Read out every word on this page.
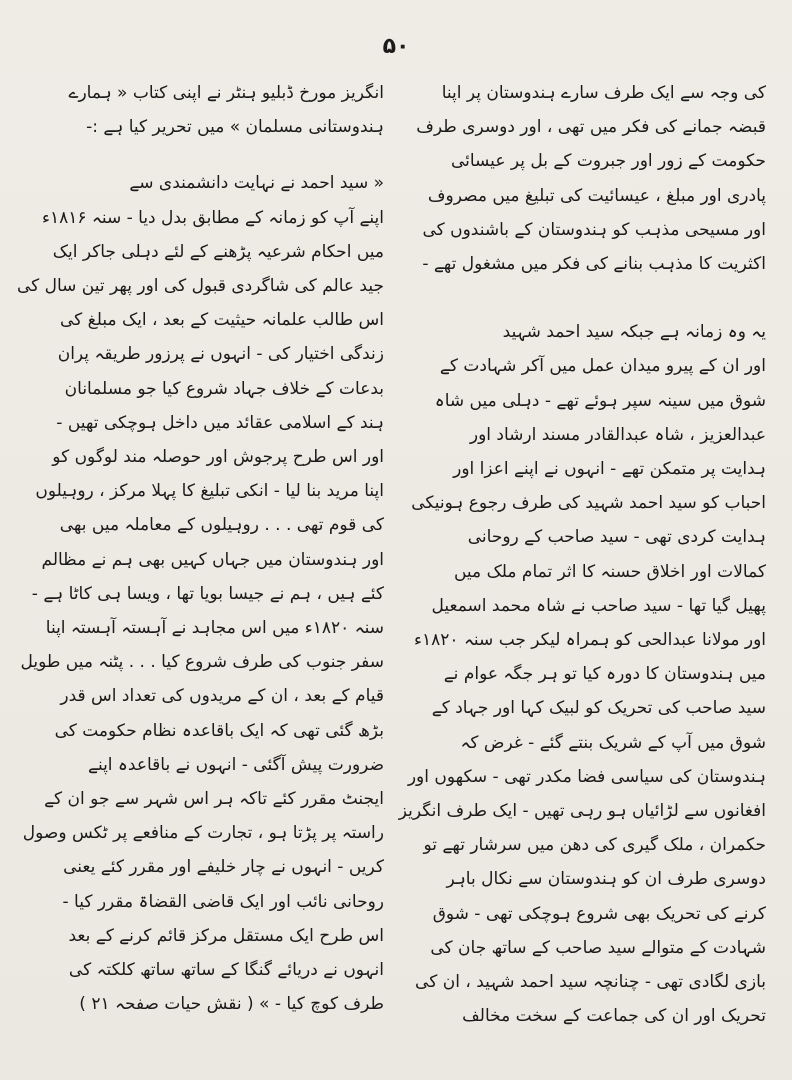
۵۰

کی وجہ سے ایک طرف سارے ہندوستان پر اپنا

قبضہ جمانے کی فکر میں تھی ، اور دوسری طرف

حکومت کے زور اور جبروت کے بل پر عیسائی

پادری اور مبلغ ، عیسائیت کی تبلیغ میں مصروف

اور مسیحی مذہب کو ہندوستان کے باشندوں کی

اکثریت کا مذہب بنانے کی فکر میں مشغول تھے -

یہ وہ زمانہ ہے جبکہ سید احمد شہید

اور ان کے پیرو میدان عمل میں آکر شہادت کے

شوق میں سینہ سپر ہوئے تھے - دہلی میں شاہ

عبدالعزیز ، شاہ عبدالقادر مسند ارشاد اور

ہدایت پر متمکن تھے - انہوں نے اپنے اعزا اور

احباب کو سید احمد شہید کی طرف رجوع ہونیکی

ہدایت کردی تھی - سید صاحب کے روحانی

کمالات اور اخلاق حسنہ کا اثر تمام ملک میں

پھیل گیا تھا - سید صاحب نے شاہ محمد اسمعیل

اور مولانا عبدالحی کو ہمراہ لیکر جب سنہ ۱۸۲۰ء

میں ہندوستان کا دورہ کیا تو ہر جگہ عوام نے

سید صاحب کی تحریک کو لبیک کہا اور جہاد کے

شوق میں آپ کے شریک بنتے گئے - غرض کہ

ہندوستان کی سیاسی فضا مکدر تھی - سکھوں اور

افغانوں سے لڑائیاں ہو رہی تھیں - ایک طرف انگریز

حکمران ، ملک گیری کی دھن میں سرشار تھے تو

دوسری طرف ان کو ہندوستان سے نکال باہر

کرنے کی تحریک بھی شروع ہوچکی تھی - شوق

شہادت کے متوالے سید صاحب کے ساتھ جان کی

بازی لگادی تھی - چنانچہ سید احمد شہید ، ان کی

تحریک اور ان کی جماعت کے سخت مخالف

انگریز مورخ ڈبلیو ہنٹر نے اپنی کتاب « ہمارے

ہندوستانی مسلمان » میں تحریر کیا ہے :-

« سید احمد نے نہایت دانشمندی سے

اپنے آپ کو زمانہ کے مطابق بدل دیا - سنہ ۱۸۱۶ء

میں احکام شرعیہ پڑھنے کے لئے دہلی جاکر ایک

جید عالم کی شاگردی قبول کی اور پھر تین سال کی

اس طالب علمانہ حیثیت کے بعد ، ایک مبلغ کی

زندگی اختیار کی - انہوں نے پرزور طریقہ پران

بدعات کے خلاف جہاد شروع کیا جو مسلمانان

ہند کے اسلامی عقائد میں داخل ہوچکی تھیں -

اور اس طرح پرجوش اور حوصلہ مند لوگوں کو

اپنا مرید بنا لیا - انکی تبلیغ کا پہلا مرکز ، روہیلوں

کی قوم تھی . . . روہیلوں کے معاملہ میں بھی

اور ہندوستان میں جہاں کہیں بھی ہم نے مظالم

کئے ہیں ، ہم نے جیسا بویا تھا ، ویسا ہی کاٹا ہے -

سنہ ۱۸۲۰ء میں اس مجاہد نے آہستہ آہستہ اپنا

سفر جنوب کی طرف شروع کیا . . . پٹنہ میں طویل

قیام کے بعد ، ان کے مریدوں کی تعداد اس قدر

بڑھ گئی تھی کہ ایک باقاعدہ نظام حکومت کی

ضرورت پیش آگئی - انہوں نے باقاعدہ اپنے

ایجنٹ مقرر کئے تاکہ ہر اس شہر سے جو ان کے

راستہ پر پڑتا ہو ، تجارت کے منافعے پر ٹکس وصول

کریں - انہوں نے چار خلیفے اور مقرر کئے یعنی

روحانی نائب اور ایک قاضی القضاۃ مقرر کیا -

اس طرح ایک مستقل مرکز قائم کرنے کے بعد

انہوں نے دریائے گنگا کے ساتھ ساتھ کلکتہ کی

طرف کوچ کیا - » ( نقش حیات صفحہ ۲۱ )
